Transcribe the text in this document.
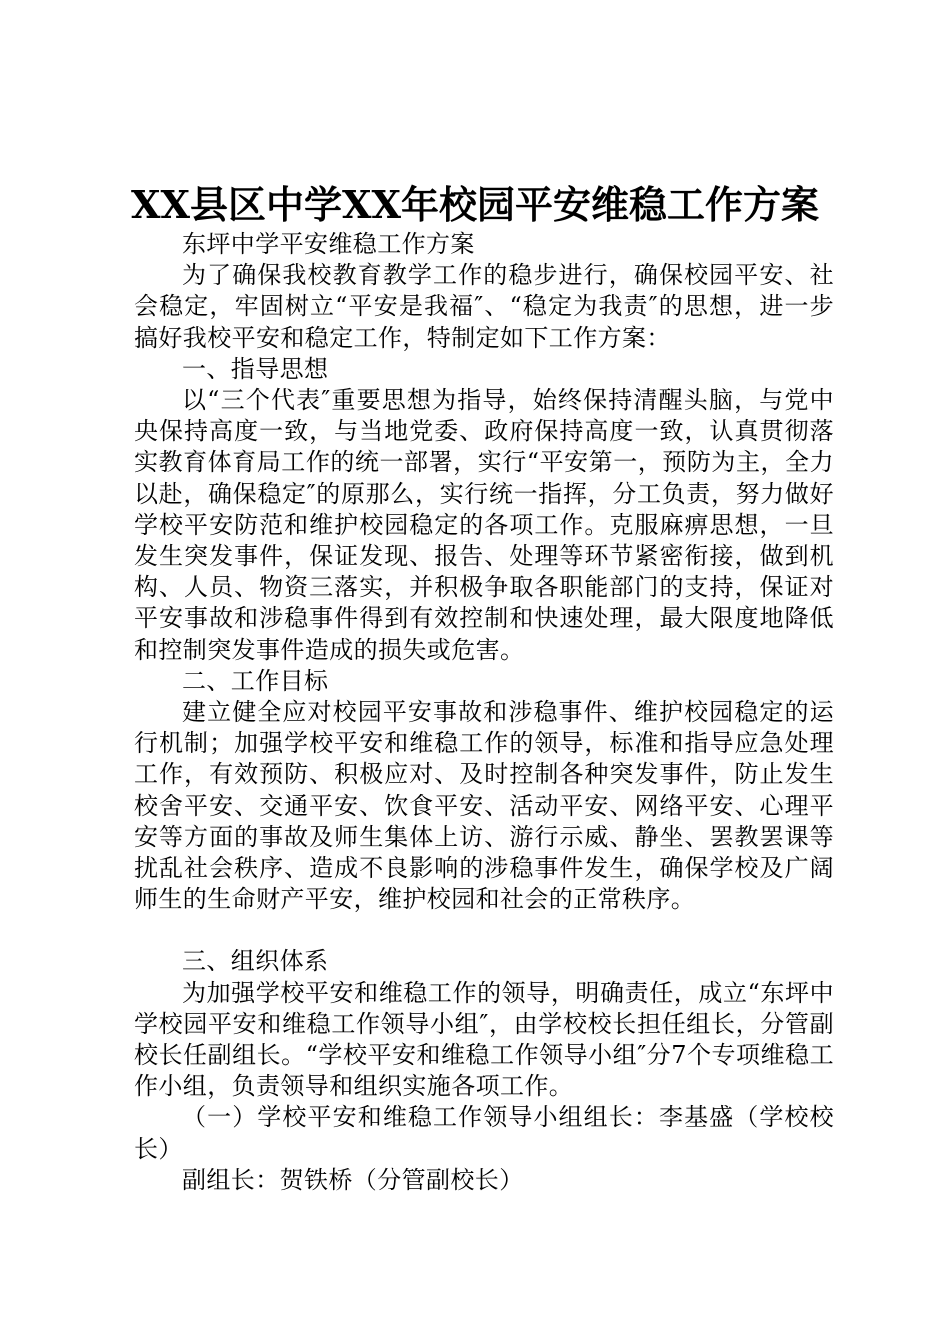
XX县区中学XX年校园平安维稳工作方案

东坪中学平安维稳工作方案

为了确保我校教育教学工作的稳步进行，确保校园平安、社会稳定，牢固树立“平安是我福″、“稳定为我责″的思想，进一步搞好我校平安和稳定工作，特制定如下工作方案：

一、指导思想

以“三个代表″重要思想为指导，始终保持清醒头脑，与党中央保持高度一致，与当地党委、政府保持高度一致，认真贯彻落实教育体育局工作的统一部署，实行“平安第一，预防为主，全力以赴，确保稳定″的原那么，实行统一指挥，分工负责，努力做好学校平安防范和维护校园稳定的各项工作。克服麻痹思想，一旦发生突发事件，保证发现、报告、处理等环节紧密衔接，做到机构、人员、物资三落实，并积极争取各职能部门的支持，保证对平安事故和涉稳事件得到有效控制和快速处理，最大限度地降低和控制突发事件造成的损失或危害。

二、工作目标

建立健全应对校园平安事故和涉稳事件、维护校园稳定的运行机制；加强学校平安和维稳工作的领导，标准和指导应急处理工作，有效预防、积极应对、及时控制各种突发事件，防止发生校舍平安、交通平安、饮食平安、活动平安、网络平安、心理平安等方面的事故及师生集体上访、游行示威、静坐、罢教罢课等扰乱社会秩序、造成不良影响的涉稳事件发生，确保学校及广阔师生的生命财产平安，维护校园和社会的正常秩序。

三、组织体系

为加强学校平安和维稳工作的领导，明确责任，成立“东坪中学校园平安和维稳工作领导小组″，由学校校长担任组长，分管副校长任副组长。“学校平安和维稳工作领导小组″分7个专项维稳工作小组，负责领导和组织实施各项工作。

（一）学校平安和维稳工作领导小组组长：李基盛（学校校长）

副组长：贺铁桥（分管副校长）
